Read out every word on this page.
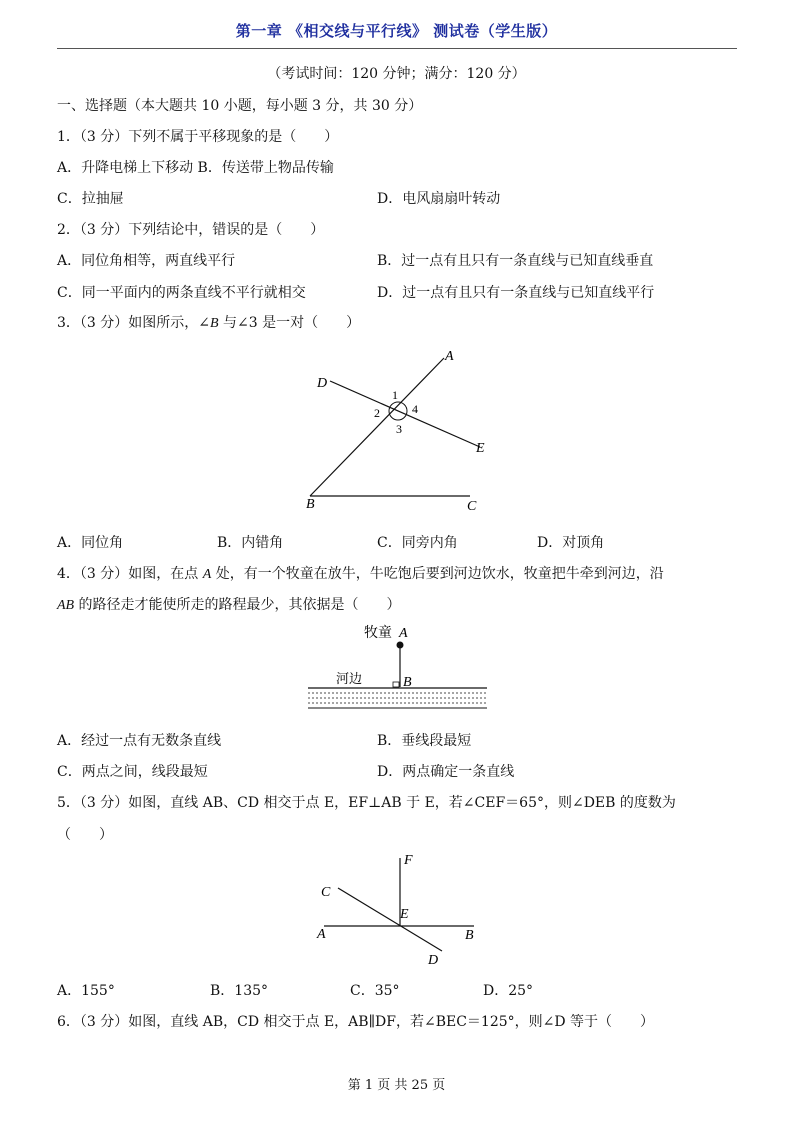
第一章 《相交线与平行线》 测试卷（学生版）
（考试时间：120 分钟；满分：120 分）
一、选择题（本大题共 10 小题，每小题 3 分，共 30 分）
1．（3 分）下列不属于平移现象的是（　　）
A．升降电梯上下移动 B．传送带上物品传输
C．拉抽屉	D．电风扇扇叶转动
2．（3 分）下列结论中，错误的是（　　）
A．同位角相等，两直线平行	B．过一点有且只有一条直线与已知直线垂直
C．同一平面内的两条直线不平行就相交	D．过一点有且只有一条直线与已知直线平行
3．（3 分）如图所示，∠B 与∠3 是一对（　　）
D
A
1
2	4
3
E
B	C
A．同位角	B．内错角	C．同旁内角	D．对顶角
4．（3 分）如图，在点 A 处，有一个牧童在放牛，牛吃饱后要到河边饮水，牧童把牛牵到河边，沿
AB 的路径走才能使所走的路程最少，其依据是（　　）
牧童 A
河边	B
A．经过一点有无数条直线	B．垂线段最短
C．两点之间，线段最短	D．两点确定一条直线
5．（3 分）如图，直线 AB、CD 相交于点 E，EF⊥AB 于 E，若∠CEF＝65°，则∠DEB 的度数为
（　　）
F
C
E
A	B
D
A．155°	B．135°	C．35°	D．25°
6．（3 分）如图，直线 AB，CD 相交于点 E，AB∥DF，若∠BEC＝125°，则∠D 等于（　　）
第 1 页 共 25 页
